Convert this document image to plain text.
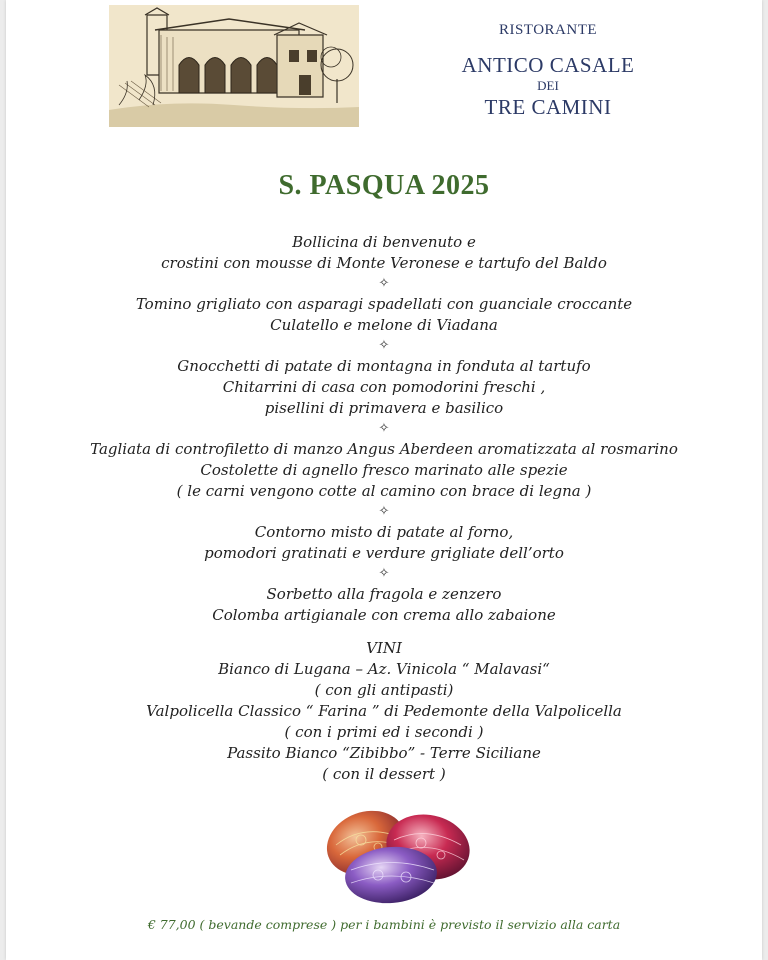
RISTORANTE
ANTICO CASALE
DEI
TRE CAMINI
S. PASQUA 2025
Bollicina di benvenuto e
crostini con mousse di Monte Veronese e tartufo del Baldo
✧
Tomino grigliato con asparagi spadellati con guanciale croccante
Culatello e melone di Viadana
✧
Gnocchetti di patate di montagna in fonduta al tartufo
Chitarrini di casa con pomodorini freschi ,
pisellini di primavera e basilico
✧
Tagliata di controfiletto di manzo Angus Aberdeen aromatizzata al rosmarino
Costolette di agnello fresco marinato alle spezie
( le carni vengono cotte al camino con brace di legna )
✧
Contorno misto di patate al forno,
pomodori gratinati e verdure grigliate dell’orto
✧
Sorbetto alla fragola e zenzero
Colomba artigianale con crema allo zabaione
VINI
Bianco di Lugana – Az. Vinicola “ Malavasi“
( con gli antipasti)
Valpolicella Classico “ Farina ” di Pedemonte della Valpolicella
( con i primi ed i secondi )
Passito Bianco “Zibibbo” - Terre Siciliane
( con il dessert )
€ 77,00 ( bevande comprese ) per i bambini è previsto il servizio alla carta
